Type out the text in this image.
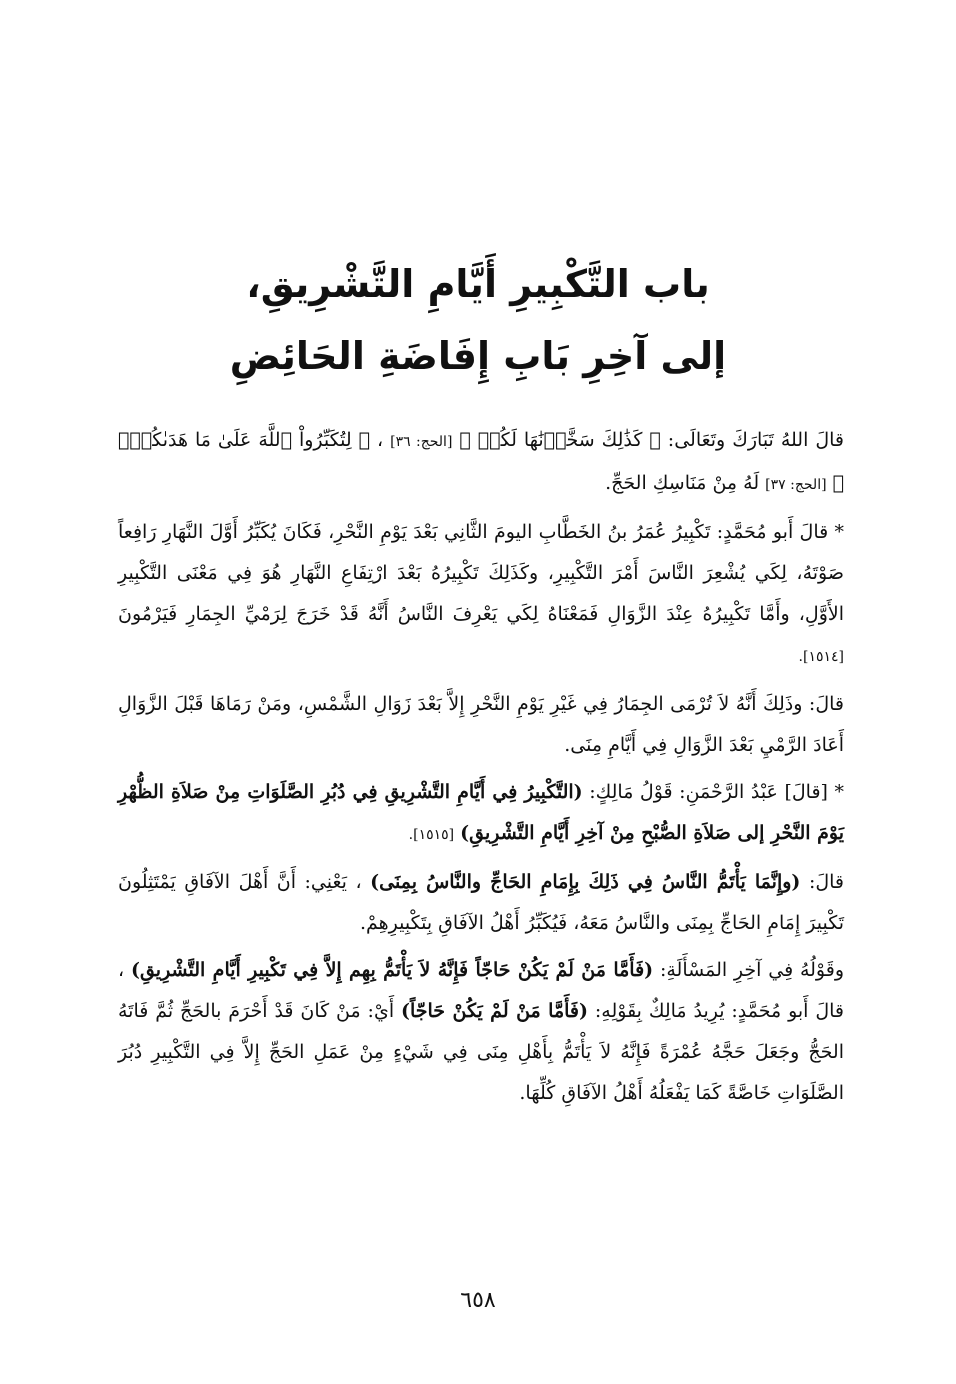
باب التَّكْبِيرِ أَيَّامِ التَّشْرِيقِ،
إلى آخِرِ بَابِ إِفَاضَةِ الحَائِضِ

قالَ اللهُ تَبَارَكَ وتَعَالَى: ﴿ كَذَٰلِكَ سَخَّرۡنَٰهَا لَكُمۡ ﴾ [الحج: ٣٦] ، ﴿ لِتُكَبِّرُواْ ٱللَّهَ عَلَىٰ مَا هَدَىٰكُمۡۗ ﴾ [الحج: ٣٧] لَهُ مِنْ مَنَاسِكِ الحَجِّ.

* قالَ أَبو مُحَمَّدٍ: تَكْبِيرُ عُمَرُ بنُ الخَطَّابِ اليومَ الثَّانِي بَعْدَ يَوْمِ النَّحْرِ، فَكَانَ يُكَبِّرُ أَوَّلَ النَّهَارِ رَافِعاً صَوْتَهُ، لِكَي يُشْعِرَ النَّاسَ أَمْرَ التَّكْبِيرِ، وكَذَلِكَ تَكْبِيرُهُ بَعْدَ ارْتِفَاعِ النَّهَارِ هُوَ فِي مَعْنَى التَّكْبِيرِ الأَوَّلِ، وأَمَّا تَكْبِيرُهُ عِنْدَ الزَّوَالِ فَمَعْنَاهُ لِكَي يَعْرِفَ النَّاسُ أَنَّهُ قَدْ خَرَجَ لِرَمْيِّ الجِمَارِ فَيَرْمُونَ [١٥١٤].

قالَ: وذَلِكَ أَنَّهُ لاَ تُرْمَى الجِمَارُ فِي غَيْرِ يَوْمِ النَّحْرِ إِلاَّ بَعْدَ زَوَالِ الشَّمْسِ، ومَنْ رَمَاهَا قَبْلَ الزَّوَالِ أَعَادَ الرَّمْيِ بَعْدَ الزَّوَالِ فِي أَيَّامِ مِنَى.

* [قالَ] عَبْدُ الرَّحْمَنِ: قَوْلُ مَالِكٍ: (التَّكْبِيرُ فِي أَيَّامِ التَّشْرِيقِ فِي دُبُرِ الصَّلَوَاتِ مِنْ صَلاَةِ الظُّهْرِ يَوْمَ النَّحْرِ إلى صَلاَةِ الصُّبْحِ مِنْ آخِرِ أَيَّامِ التَّشْرِيقِ) [١٥١٥].

قالَ: (وإِنَّمَا يَأْتَمُّ النَّاسُ فِي ذَلِكَ بِإِمَامِ الحَاجِّ والنَّاسُ بِمِنَى) ، يَعْنِي: أَنَّ أَهْلَ الآفَاقِ يَمْتَثِلُونَ تَكْبِيرَ إِمَامِ الحَاجِّ بِمِنَى والنَّاسُ مَعَهُ، فَيُكَبِّرُ أَهْلُ الآفَاقِ بِتَكْبِيرِهِمْ.

وقَوْلُهُ فِي آخِرِ المَسْأَلَةِ: (فَأَمَّا مَنْ لَمْ يَكُنْ حَاجّاً فَإِنَّهُ لاَ يَأْتَمُّ بِهِم إِلاَّ فِي تَكْبِيرِ أَيَّامِ التَّشْرِيقِ) ، قالَ أَبو مُحَمَّدٍ: يُرِيدُ مَالِكٌ بِقَوْلِهِ: (فَأَمَّا مَنْ لَمْ يَكُنْ حَاجّاً) أَيْ: مَنْ كَانَ قَدْ أَحْرَمَ بالحَجِّ ثُمَّ فَاتَهُ الحَجُّ وجَعَلَ حَجَّهُ عُمْرَةً فَإِنَّهُ لاَ يَأْتَمُّ بِأَهْلِ مِنَى فِي شَيْءٍ مِنْ عَمَلِ الحَجِّ إِلاَّ فِي التَّكْبِيرِ دُبُرَ الصَّلَوَاتِ خَاصَّةً كَمَا يَفْعَلُهُ أَهْلُ الآفَاقِ كُلِّهَا.

٦٥٨
